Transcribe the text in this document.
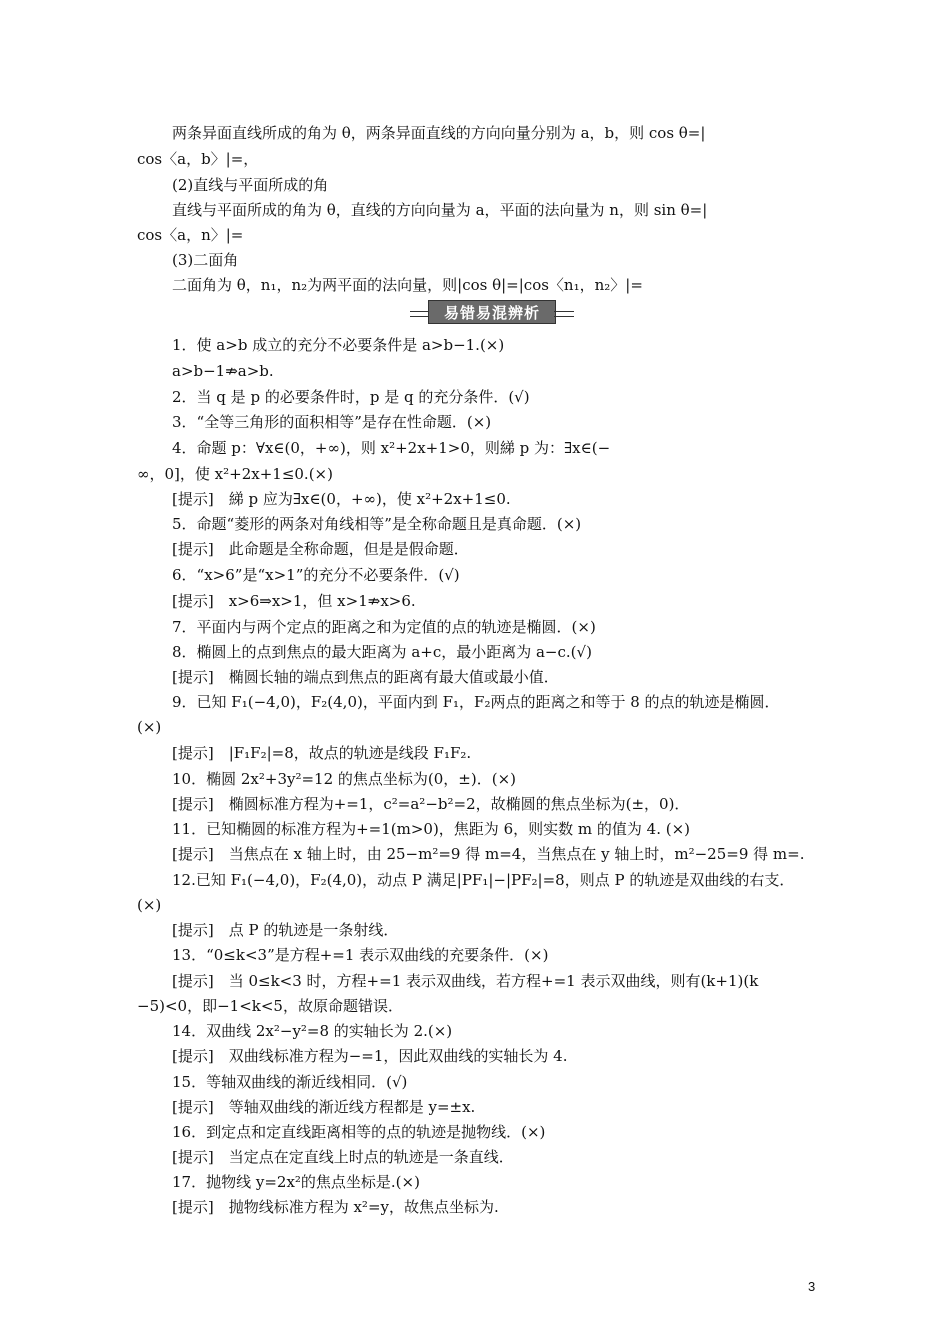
两条异面直线所成的角为 θ，两条异面直线的方向向量分别为 a，b，则 cos θ=|
cos〈a，b〉|=，
(2)直线与平面所成的角
直线与平面所成的角为 θ，直线的方向向量为 a，平面的法向量为 n，则 sin θ=|
cos〈a，n〉|=
(3)二面角
二面角为 θ，n₁，n₂为两平面的法向量，则|cos θ|=|cos〈n₁，n₂〉|=
易错易混辨析
1．使 a>b 成立的充分不必要条件是 a>b−1.(×)
a>b−1⇏a>b.
2．当 q 是 p 的必要条件时，p 是 q 的充分条件．(√)
3．“全等三角形的面积相等”是存在性命题．(×)
4．命题 p：∀x∈(0，+∞)，则 x²+2x+1>0，则綈 p 为：∃x∈(−
∞，0]，使 x²+2x+1≤0.(×)
[提示]　綈 p 应为∃x∈(0，+∞)，使 x²+2x+1≤0.
5．命题“菱形的两条对角线相等”是全称命题且是真命题．(×)
[提示]　此命题是全称命题，但是是假命题．
6．“x>6”是“x>1”的充分不必要条件．(√)
[提示]　x>6⇒x>1，但 x>1⇏x>6.
7．平面内与两个定点的距离之和为定值的点的轨迹是椭圆．(×)
8．椭圆上的点到焦点的最大距离为 a+c，最小距离为 a−c.(√)
[提示]　椭圆长轴的端点到焦点的距离有最大值或最小值．
9．已知 F₁(−4,0)，F₂(4,0)，平面内到 F₁，F₂两点的距离之和等于 8 的点的轨迹是椭圆．
(×)
[提示]　|F₁F₂|=8，故点的轨迹是线段 F₁F₂.
10．椭圆 2x²+3y²=12 的焦点坐标为(0，±)．(×)
[提示]　椭圆标准方程为+=1，c²=a²−b²=2，故椭圆的焦点坐标为(±，0)．
11．已知椭圆的标准方程为+=1(m>0)，焦距为 6，则实数 m 的值为 4. (×)
[提示]　当焦点在 x 轴上时，由 25−m²=9 得 m=4，当焦点在 y 轴上时，m²−25=9 得 m=.
12.已知 F₁(−4,0)，F₂(4,0)，动点 P 满足|PF₁|−|PF₂|=8，则点 P 的轨迹是双曲线的右支．
(×)
[提示]　点 P 的轨迹是一条射线．
13．“0≤k<3”是方程+=1 表示双曲线的充要条件．(×)
[提示]　当 0≤k<3 时，方程+=1 表示双曲线，若方程+=1 表示双曲线，则有(k+1)(k
−5)<0，即−1<k<5，故原命题错误．
14．双曲线 2x²−y²=8 的实轴长为 2.(×)
[提示]　双曲线标准方程为−=1，因此双曲线的实轴长为 4.
15．等轴双曲线的渐近线相同．(√)
[提示]　等轴双曲线的渐近线方程都是 y=±x.
16．到定点和定直线距离相等的点的轨迹是抛物线．(×)
[提示]　当定点在定直线上时点的轨迹是一条直线．
17．抛物线 y=2x²的焦点坐标是.(×)
[提示]　抛物线标准方程为 x²=y，故焦点坐标为.
3
